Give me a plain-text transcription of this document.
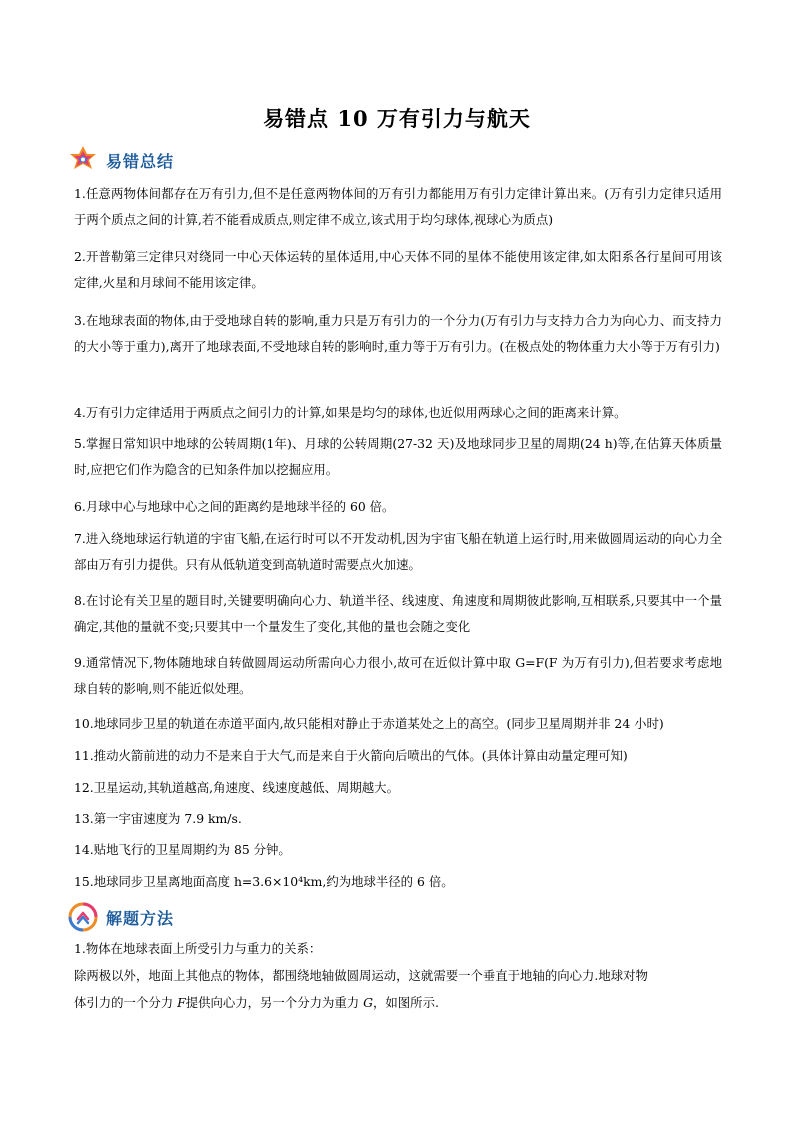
易错点 10 万有引力与航天
易错总结

1.任意两物体间都存在万有引力,但不是任意两物体间的万有引力都能用万有引力定律计算出来。(万有引力定律只适用于两个质点之间的计算,若不能看成质点,则定律不成立,该式用于均匀球体,视球心为质点)

2.开普勒第三定律只对绕同一中心天体运转的星体适用,中心天体不同的星体不能使用该定律,如太阳系各行星间可用该定律,火星和月球间不能用该定律。

3.在地球表面的物体,由于受地球自转的影响,重力只是万有引力的一个分力(万有引力与支持力合力为向心力、而支持力的大小等于重力),离开了地球表面,不受地球自转的影响时,重力等于万有引力。(在极点处的物体重力大小等于万有引力)

4.万有引力定律适用于两质点之间引力的计算,如果是均匀的球体,也近似用两球心之间的距离来计算。

5.掌握日常知识中地球的公转周期(1年)、月球的公转周期(27-32 天)及地球同步卫星的周期(24 h)等,在估算天体质量时,应把它们作为隐含的已知条件加以挖掘应用。

6.月球中心与地球中心之间的距离约是地球半径的 60 倍。

7.进入绕地球运行轨道的宇宙飞船,在运行时可以不开发动机,因为宇宙飞船在轨道上运行时,用来做圆周运动的向心力全部由万有引力提供。只有从低轨道变到高轨道时需要点火加速。

8.在讨论有关卫星的题目时,关键要明确向心力、轨道半径、线速度、角速度和周期彼此影响,互相联系,只要其中一个量确定,其他的量就不变;只要其中一个量发生了变化,其他的量也会随之变化

9.通常情况下,物体随地球自转做圆周运动所需向心力很小,故可在近似计算中取 G=F(F 为万有引力),但若要求考虑地球自转的影响,则不能近似处理。

10.地球同步卫星的轨道在赤道平面内,故只能相对静止于赤道某处之上的高空。(同步卫星周期并非 24 小时)

11.推动火箭前进的动力不是来自于大气,而是来自于火箭向后喷出的气体。(具体计算由动量定理可知)

12.卫星运动,其轨道越高,角速度、线速度越低、周期越大。

13.第一宇宙速度为 7.9 km/s.

14.贴地飞行的卫星周期约为 85 分钟。

15.地球同步卫星离地面高度 h=3.6×10⁴km,约为地球半径的 6 倍。

解题方法

1.物体在地球表面上所受引力与重力的关系：

除两极以外，地面上其他点的物体，都围绕地轴做圆周运动，这就需要一个垂直于地轴的向心力.地球对物

体引力的一个分力 F提供向心力，另一个分力为重力 G，如图所示.
